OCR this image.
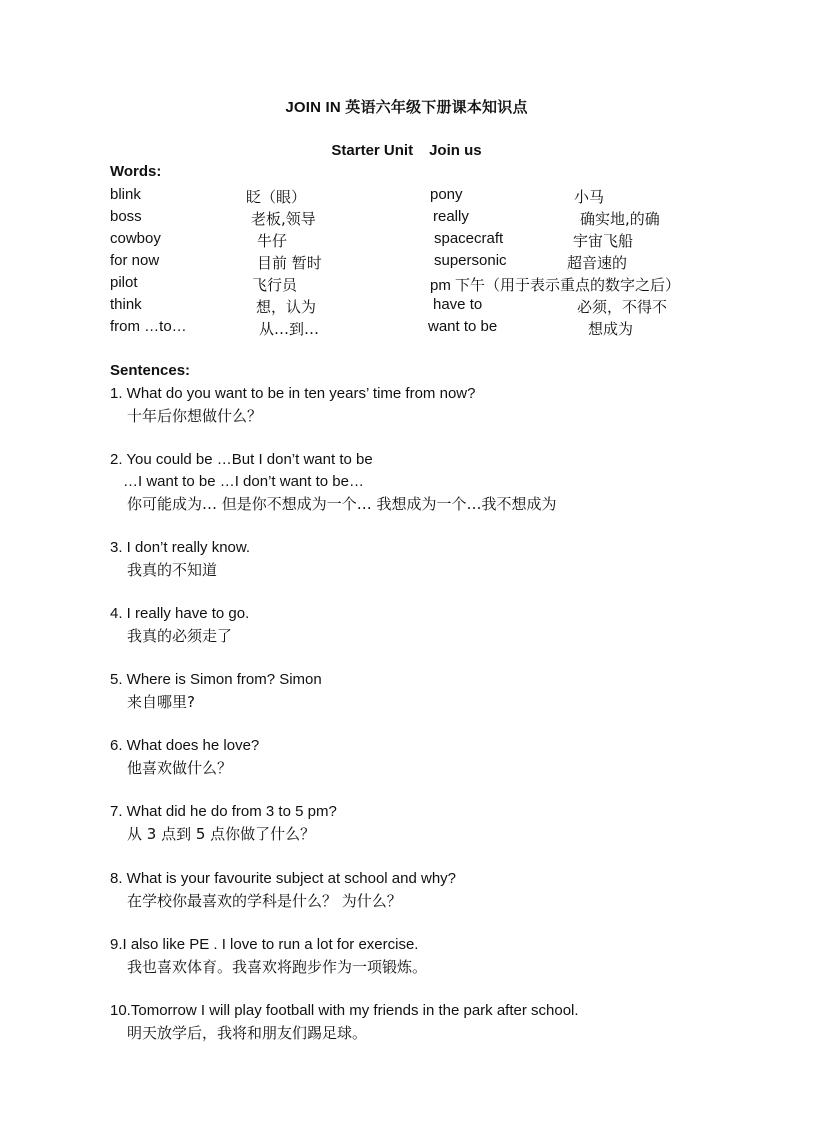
JOIN IN 英语六年级下册课本知识点
Starter Unit Join us
Words:
blink	眨（眼）	pony	小马
boss	老板,领导	really	确实地,的确
cowboy	牛仔	spacecraft	宇宙飞船
for now	目前 暂时	supersonic	超音速的
pilot	飞行员	pm 下午（用于表示重点的数字之后）
think	想，认为	have to	必须，不得不
from …to…	从…到…	want to be	想成为
Sentences:
1. What do you want to be in ten years’ time from now?
十年后你想做什么？
2. You could be …But I don’t want to be
…I want to be …I don’t want to be…
你可能成为… 但是你不想成为一个… 我想成为一个…我不想成为
3. I don’t really know.
我真的不知道
4. I really have to go.
我真的必须走了
5. Where is Simon from? Simon
来自哪里?
6. What does he love?
他喜欢做什么？
7. What did he do from 3 to 5 pm?
从 3 点到 5 点你做了什么？
8. What is your favourite subject at school and why?
在学校你最喜欢的学科是什么？ 为什么？
9.I also like PE . I love to run a lot for exercise.
我也喜欢体育。我喜欢将跑步作为一项锻炼。
10.Tomorrow I will play football with my friends in the park after school.
明天放学后，我将和朋友们踢足球。
